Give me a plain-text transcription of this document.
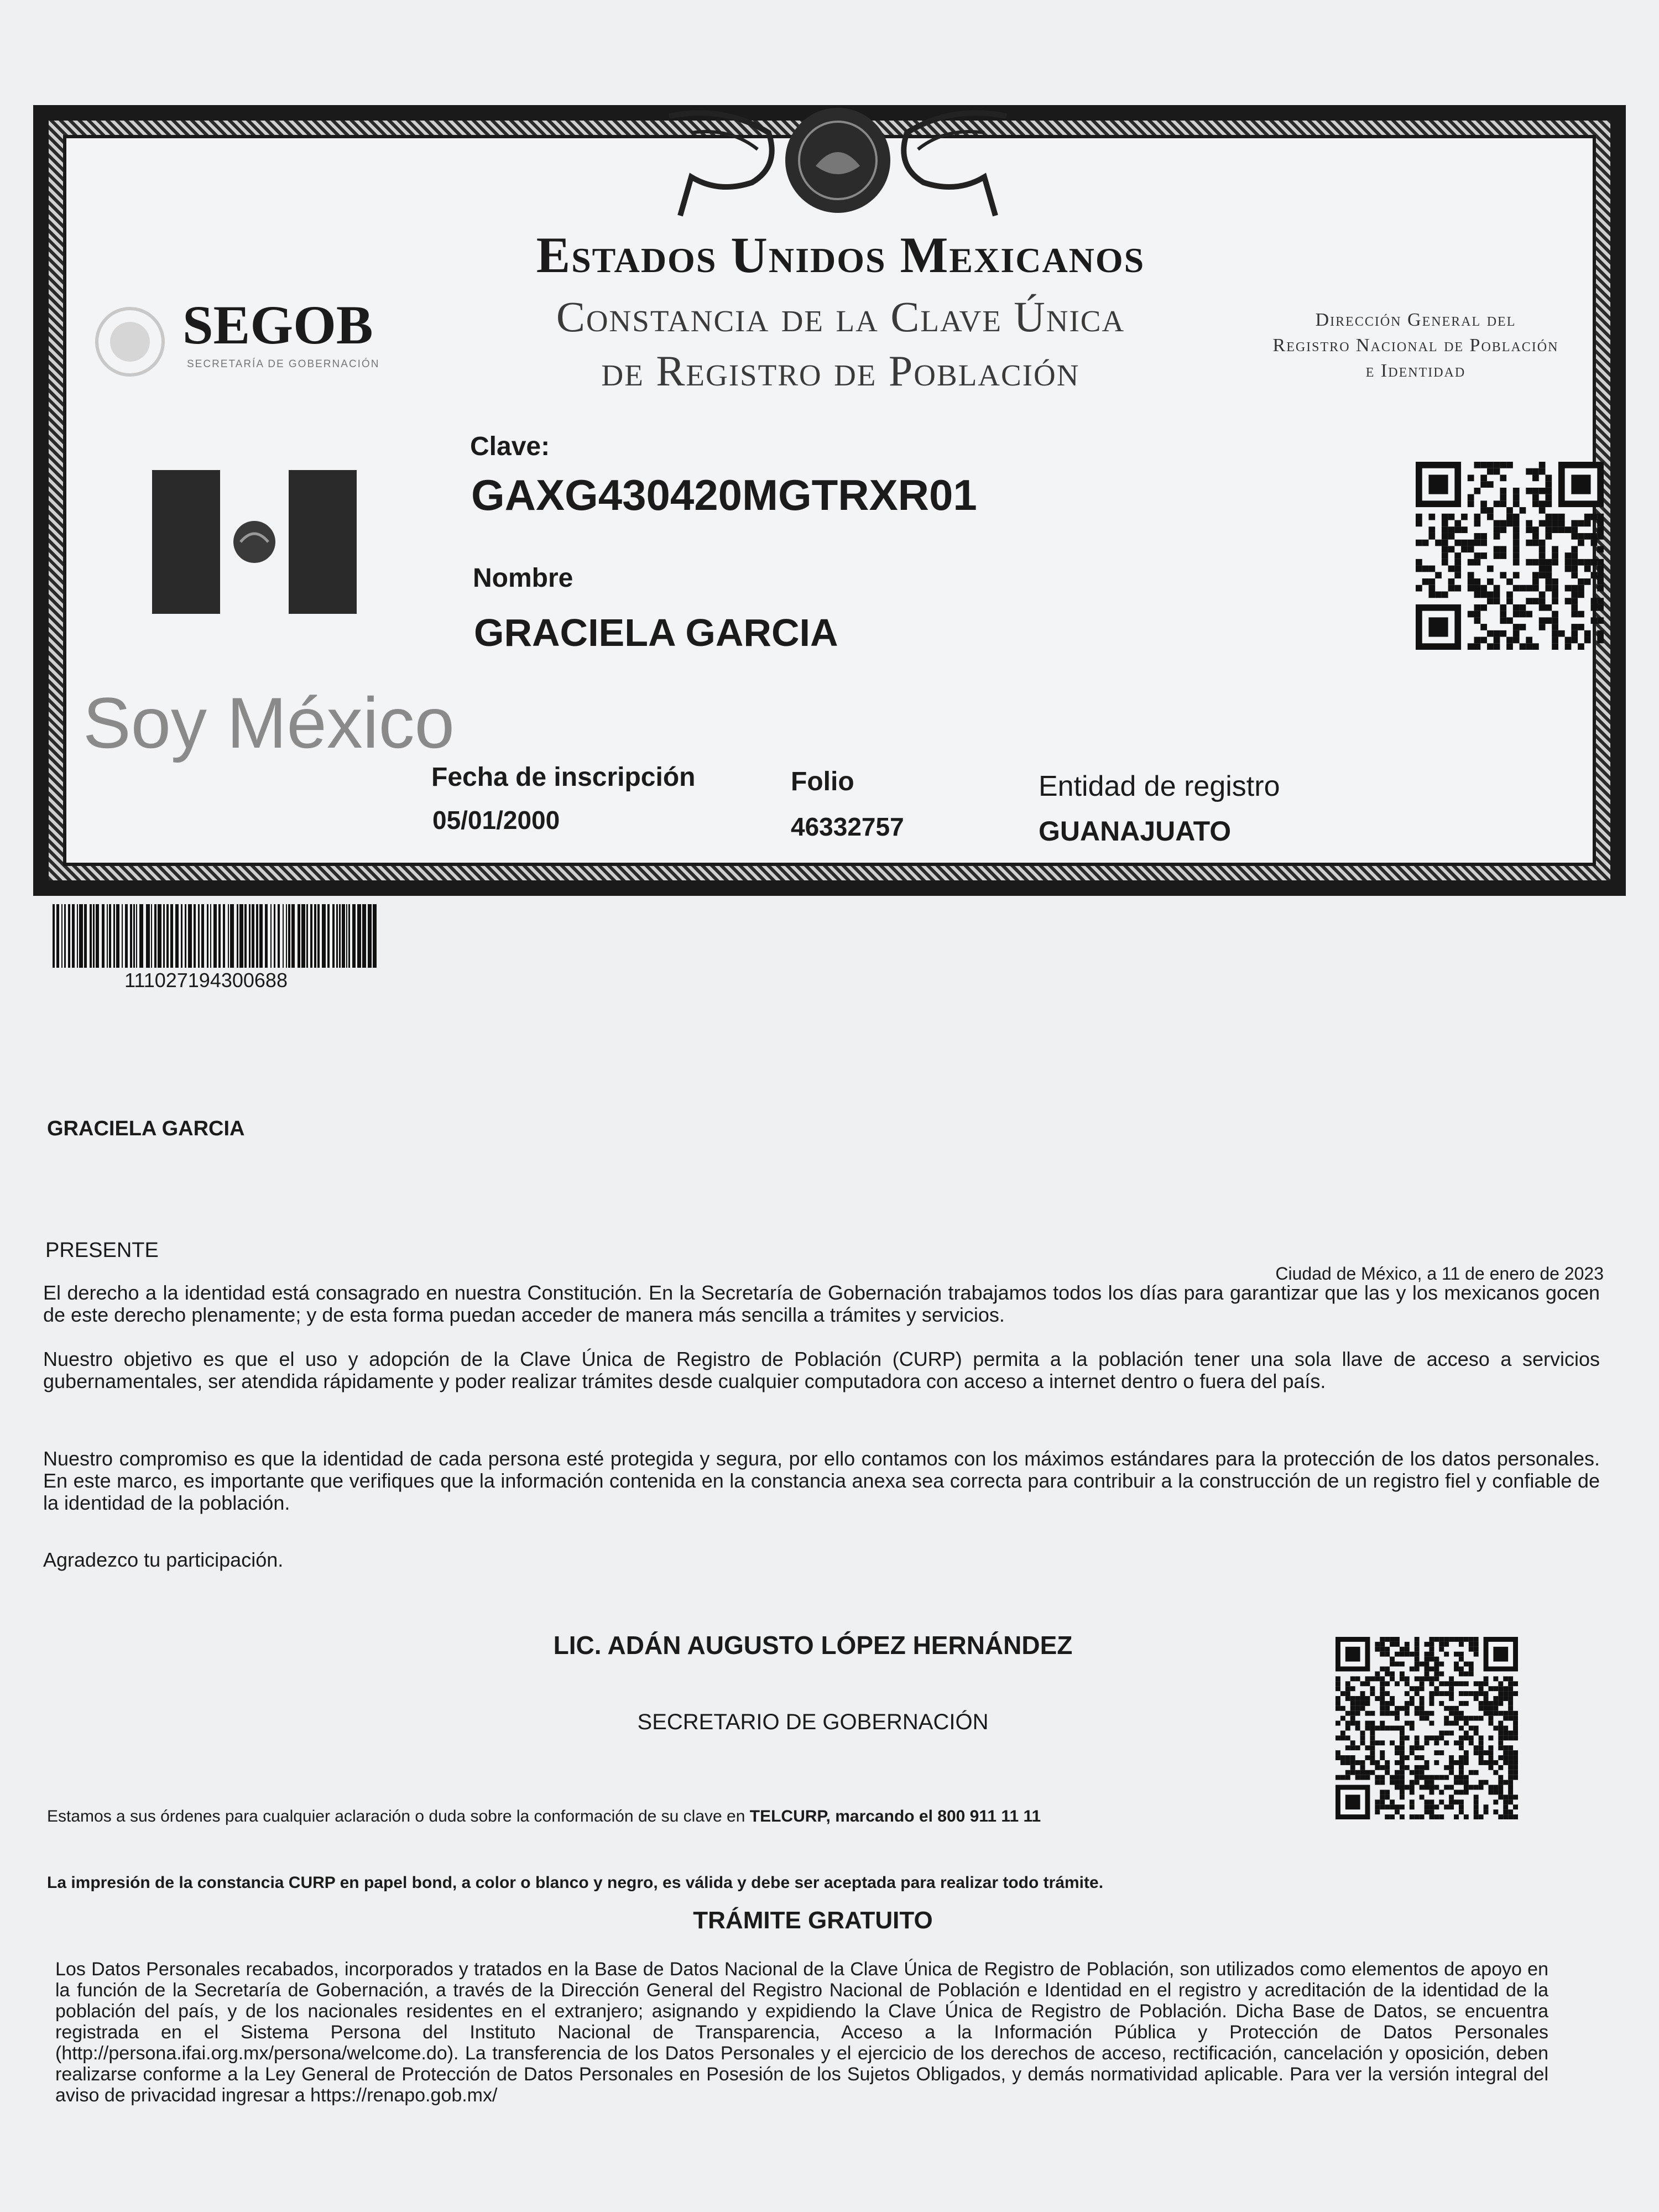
SEGOB
SECRETARÍA DE GOBERNACIÓN
Estados Unidos Mexicanos
Constancia de la Clave Única
de Registro de Población
Dirección General del
Registro Nacional de Población
e Identidad
Soy México
Clave:
GAXG430420MGTRXR01
Nombre
GRACIELA GARCIA
Fecha de inscripción
05/01/2000
Folio
46332757
Entidad de registro
GUANAJUATO
111027194300688
GRACIELA GARCIA
PRESENTE
Ciudad de México, a 11 de enero de 2023
El derecho a la identidad está consagrado en nuestra Constitución. En la Secretaría de Gobernación trabajamos todos los días para garantizar que las y los mexicanos gocen de este derecho plenamente; y de esta forma puedan acceder de manera más sencilla a trámites y servicios.
Nuestro objetivo es que el uso y adopción de la Clave Única de Registro de Población (CURP) permita a la población tener una sola llave de acceso a servicios gubernamentales, ser atendida rápidamente y poder realizar trámites desde cualquier computadora con acceso a internet dentro o fuera del país.
Nuestro compromiso es que la identidad de cada persona esté protegida y segura, por ello contamos con los máximos estándares para la protección de los datos personales. En este marco, es importante que verifiques que la información contenida en la constancia anexa sea correcta para contribuir a la construcción de un registro fiel y confiable de la identidad de la población.
Agradezco tu participación.
LIC. ADÁN AUGUSTO LÓPEZ HERNÁNDEZ
SECRETARIO DE GOBERNACIÓN
Estamos a sus órdenes para cualquier aclaración o duda sobre la conformación de su clave en TELCURP, marcando el 800 911 11 11
La impresión de la constancia CURP en papel bond, a color o blanco y negro, es válida y debe ser aceptada para realizar todo trámite.
TRÁMITE GRATUITO
Los Datos Personales recabados, incorporados y tratados en la Base de Datos Nacional de la Clave Única de Registro de Población, son utilizados como elementos de apoyo en la función de la Secretaría de Gobernación, a través de la Dirección General del Registro Nacional de Población e Identidad en el registro y acreditación de la identidad de la población del país, y de los nacionales residentes en el extranjero; asignando y expidiendo la Clave Única de Registro de Población. Dicha Base de Datos, se encuentra registrada en el Sistema Persona del Instituto Nacional de Transparencia, Acceso a la Información Pública y Protección de Datos Personales (http://persona.ifai.org.mx/persona/welcome.do). La transferencia de los Datos Personales y el ejercicio de los derechos de acceso, rectificación, cancelación y oposición, deben realizarse conforme a la Ley General de Protección de Datos Personales en Posesión de los Sujetos Obligados, y demás normatividad aplicable. Para ver la versión integral del aviso de privacidad ingresar a https://renapo.gob.mx/
